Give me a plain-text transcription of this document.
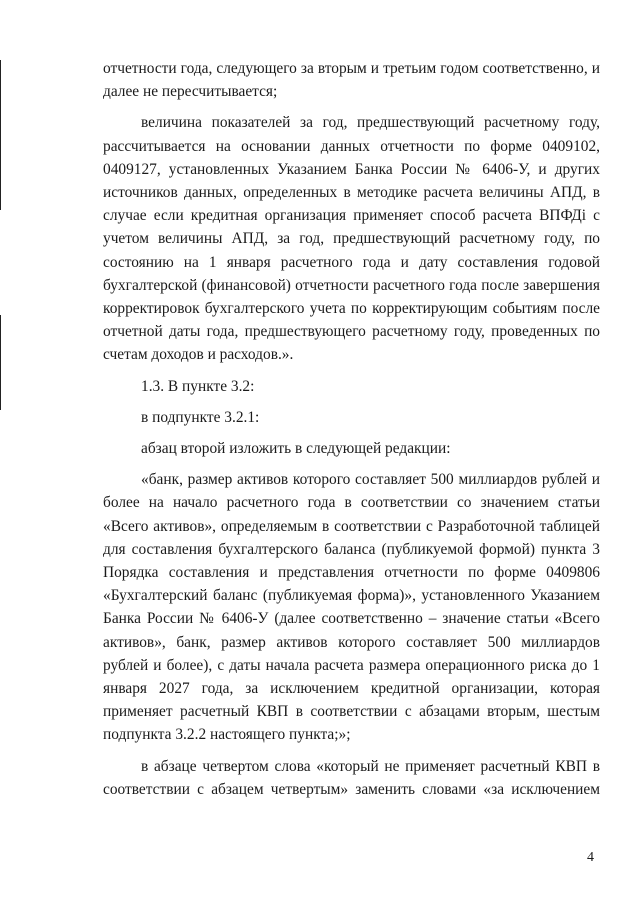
отчетности года, следующего за вторым и третьим годом соответственно, и далее не пересчитывается;

величина показателей за год, предшествующий расчетному году, рассчитывается на основании данных отчетности по форме 0409102, 0409127, установленных Указанием Банка России № 6406-У, и других источников данных, определенных в методике расчета величины АПД, в случае если кредитная организация применяет способ расчета ВПФДi с учетом величины АПД, за год, предшествующий расчетному году, по состоянию на 1 января расчетного года и дату составления годовой бухгалтерской (финансовой) отчетности расчетного года после завершения корректировок бухгалтерского учета по корректирующим событиям после отчетной даты года, предшествующего расчетному году, проведенных по счетам доходов и расходов.».

1.3. В пункте 3.2:

в подпункте 3.2.1:

абзац второй изложить в следующей редакции:

«банк, размер активов которого составляет 500 миллиардов рублей и более на начало расчетного года в соответствии со значением статьи «Всего активов», определяемым в соответствии с Разработочной таблицей для составления бухгалтерского баланса (публикуемой формой) пункта 3 Порядка составления и представления отчетности по форме 0409806 «Бухгалтерский баланс (публикуемая форма)», установленного Указанием Банка России № 6406-У (далее соответственно – значение статьи «Всего активов», банк, размер активов которого составляет 500 миллиардов рублей и более), с даты начала расчета размера операционного риска до 1 января 2027 года, за исключением кредитной организации, которая применяет расчетный КВП в соответствии с абзацами вторым, шестым подпункта 3.2.2 настоящего пункта;»;

в абзаце четвертом слова «который не применяет расчетный КВП в соответствии с абзацем четвертым» заменить словами «за исключением

4
